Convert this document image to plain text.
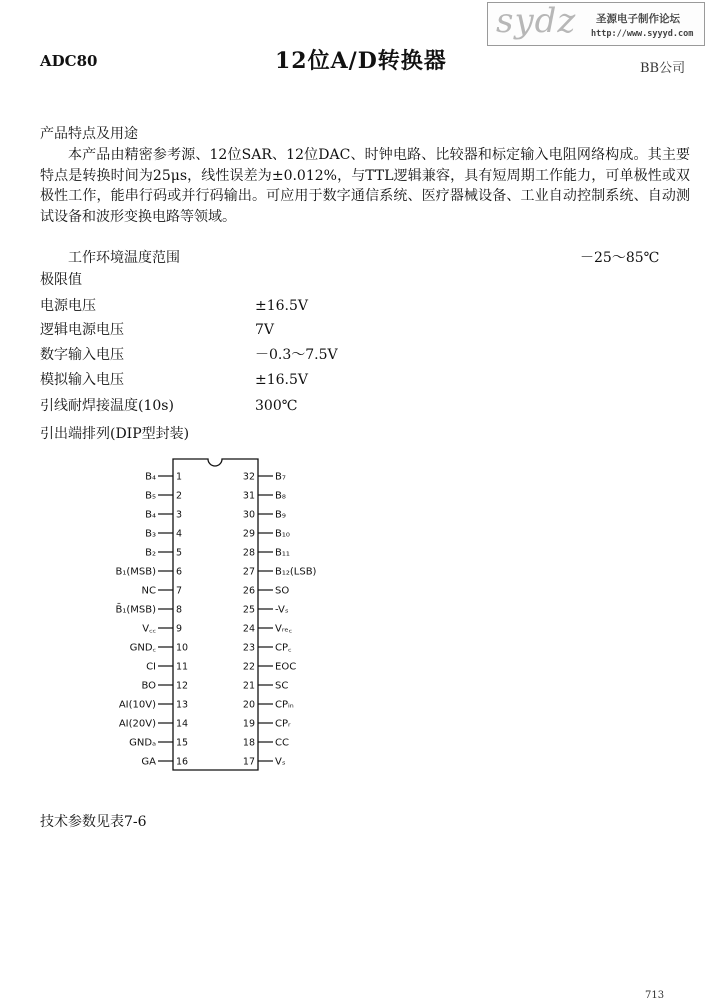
sydz 圣源电子制作论坛
http://www.syyyd.com
ADC80	12位A/D转换器	BB公司
产品特点及用途
本产品由精密参考源、12位SAR、12位DAC、时钟电路、比较器和标定输入电阻网络构成。其主要特点是转换时间为25μs，线性误差为±0.012%，与TTL逻辑兼容，具有短周期工作能力，可单极性或双极性工作，能串行码或并行码输出。可应用于数字通信系统、医疗器械设备、工业自动控制系统、自动测试设备和波形变换电路等领域。
工作环境温度范围	－25～85℃
极限值
电源电压	±16.5V
逻辑电源电压	7V
数字输入电压	－0.3～7.5V
模拟输入电压	±16.5V
引线耐焊接温度(10s)	300℃
引出端排列(DIP型封装)
1
B₄
2
B₅
3
B₄
4
B₃
5
B₂
6
B₁(MSB)
7
NC
8
B̄₁(MSB)
9
V꜀꜀
10
GND꜀
11
CI
12
BO
13
AI(10V)
14
AI(20V)
15
GNDₐ
16
GA
32 B₇
31 B₈
30 B₉
29 B₁₀
28 B₁₁
27 B₁₂(LSB)
26 SO
25 -Vₛ
24 Vᵣₑ꜀
23 CP꜀
22 EOC
21 SC
20 CPᵢₙ
19 CPᵣ
18 CC
17 Vₛ
技术参数见表7-6
713
